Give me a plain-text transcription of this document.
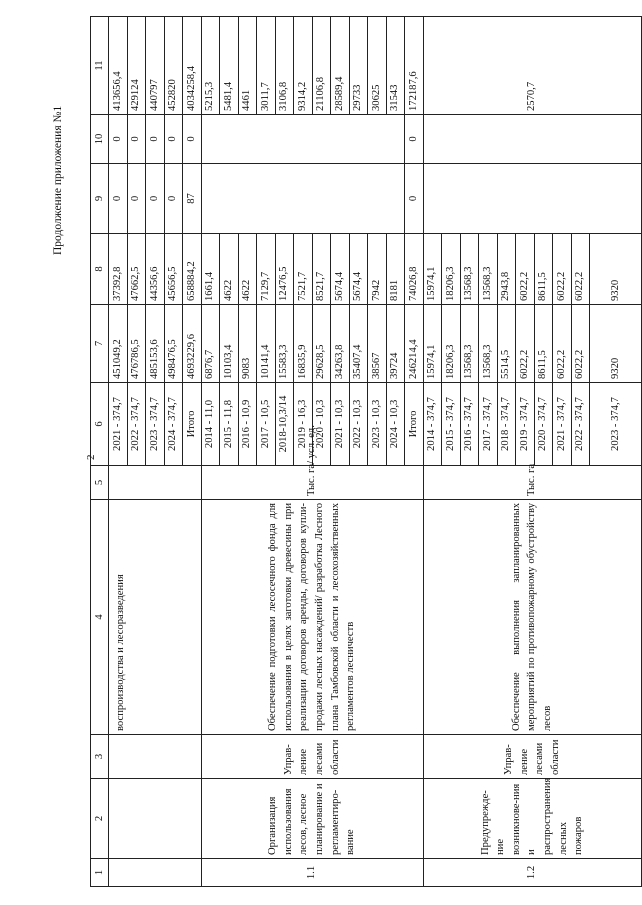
2
Продолжение приложения №1
1	2	3	4	5	6	7	8	9	10	11
			воспроизводства и лесоразведения		2021 - 374,7	451049,2	37392,8	0	0	413656,4
					2022 - 374,7	476786,5	47662,5	0	0	429124
					2023 - 374,7	485153,6	44356,6	0	0	440797
					2024 - 374,7	498476,5	45656,5	0	0	452820
					Итого	4693229,6	658884,2	87	0	4034258,4
1.1	Организация использования лесов, лесное планирование и регламентиро-вание	Управ-ление лесами области	Обеспечение подготовки лесосечного фонда для использования в целях заготовки древесины при реализации договоров аренды, договоров купли-продажи лесных насаждений/ разработка Лесного плана Тамбовской области и лесохозяйственных регламентов лесничеств	Тыс. га/ усл. ед.	2014 - 11,0	6876,7	1661,4			5215,3
					2015 - 11,8	10103,4	4622			5481,4
					2016 - 10,9	9083	4622			4461
					2017 - 10,5	10141,4	7129,7			3011,7
					2018-10,3/14	15583,3	12476,5			3106,8
					2019 - 16,3	16835,9	7521,7			9314,2
					2020 - 10,3	29628,5	8521,7			21106,8
					2021 - 10,3	34263,8	5674,4			28589,4
					2022 - 10,3	35407,4	5674,4			29733
					2023 - 10,3	38567	7942			30625
					2024 - 10,3	39724	8181			31543
					Итого	246214,4	74026,8	0	0	172187,6
1.2	Предупрежде-ние возникнове-ния и распространения лесных пожаров	Управ-ление лесами области	Обеспечение выполнения запланированных мероприятий по противопожарному обустройству лесов	Тыс. га	2014 - 374,7	15974,1	15974,1			2570,7
					2015 - 374,7	18206,3	18206,3			
					2016 - 374,7	13568,3	13568,3			
					2017 - 374,7	13568,3	13568,3			
					2018 - 374,7	5514,5	2943,8			
					2019 - 374,7	6022,2	6022,2			
					2020 - 374,7	8611,5	8611,5			
					2021 - 374,7	6022,2	6022,2			
					2022 - 374,7	6022,2	6022,2			
					2023 - 374,7	9320	9320			
